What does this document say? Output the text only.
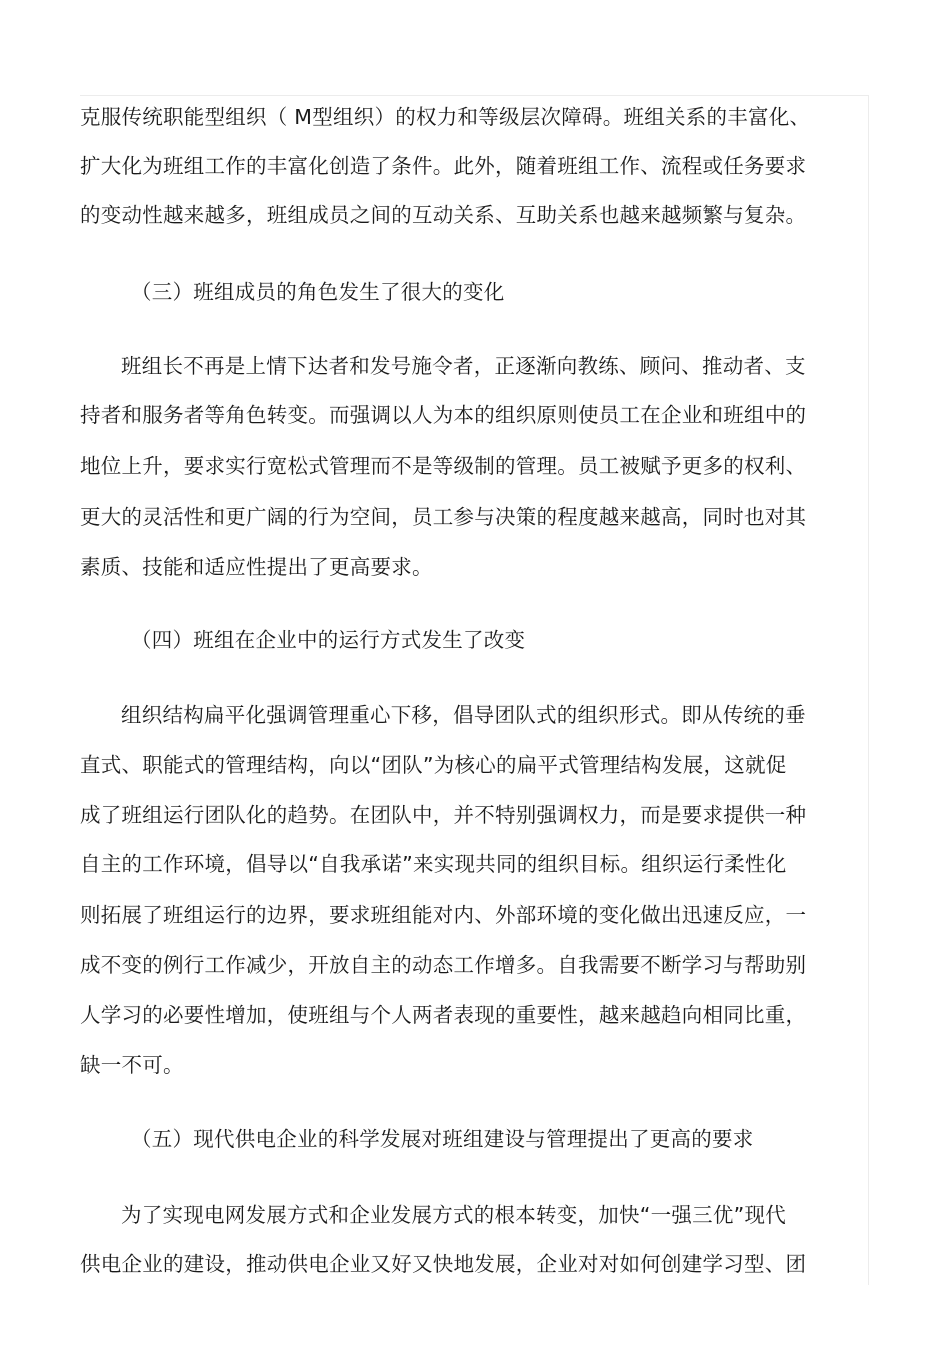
克服传统职能型组织（ M型组织）的权力和等级层次障碍。班组关系的丰富化、
扩大化为班组工作的丰富化创造了条件。此外，随着班组工作、流程或任务要求
的变动性越来越多，班组成员之间的互动关系、互助关系也越来越频繁与复杂。
（三）班组成员的角色发生了很大的变化
班组长不再是上情下达者和发号施令者，正逐渐向教练、顾问、推动者、支
持者和服务者等角色转变。而强调以人为本的组织原则使员工在企业和班组中的
地位上升，要求实行宽松式管理而不是等级制的管理。员工被赋予更多的权利、
更大的灵活性和更广阔的行为空间，员工参与决策的程度越来越高，同时也对其
素质、技能和适应性提出了更高要求。
（四）班组在企业中的运行方式发生了改变
组织结构扁平化强调管理重心下移，倡导团队式的组织形式。即从传统的垂
直式、职能式的管理结构，向以“团队”为核心的扁平式管理结构发展，这就促
成了班组运行团队化的趋势。在团队中，并不特别强调权力，而是要求提供一种
自主的工作环境，倡导以“自我承诺”来实现共同的组织目标。组织运行柔性化
则拓展了班组运行的边界，要求班组能对内、外部环境的变化做出迅速反应，一
成不变的例行工作减少，开放自主的动态工作增多。自我需要不断学习与帮助别
人学习的必要性增加，使班组与个人两者表现的重要性，越来越趋向相同比重，
缺一不可。
（五）现代供电企业的科学发展对班组建设与管理提出了更高的要求
为了实现电网发展方式和企业发展方式的根本转变，加快“一强三优”现代
供电企业的建设，推动供电企业又好又快地发展，企业对对如何创建学习型、团
